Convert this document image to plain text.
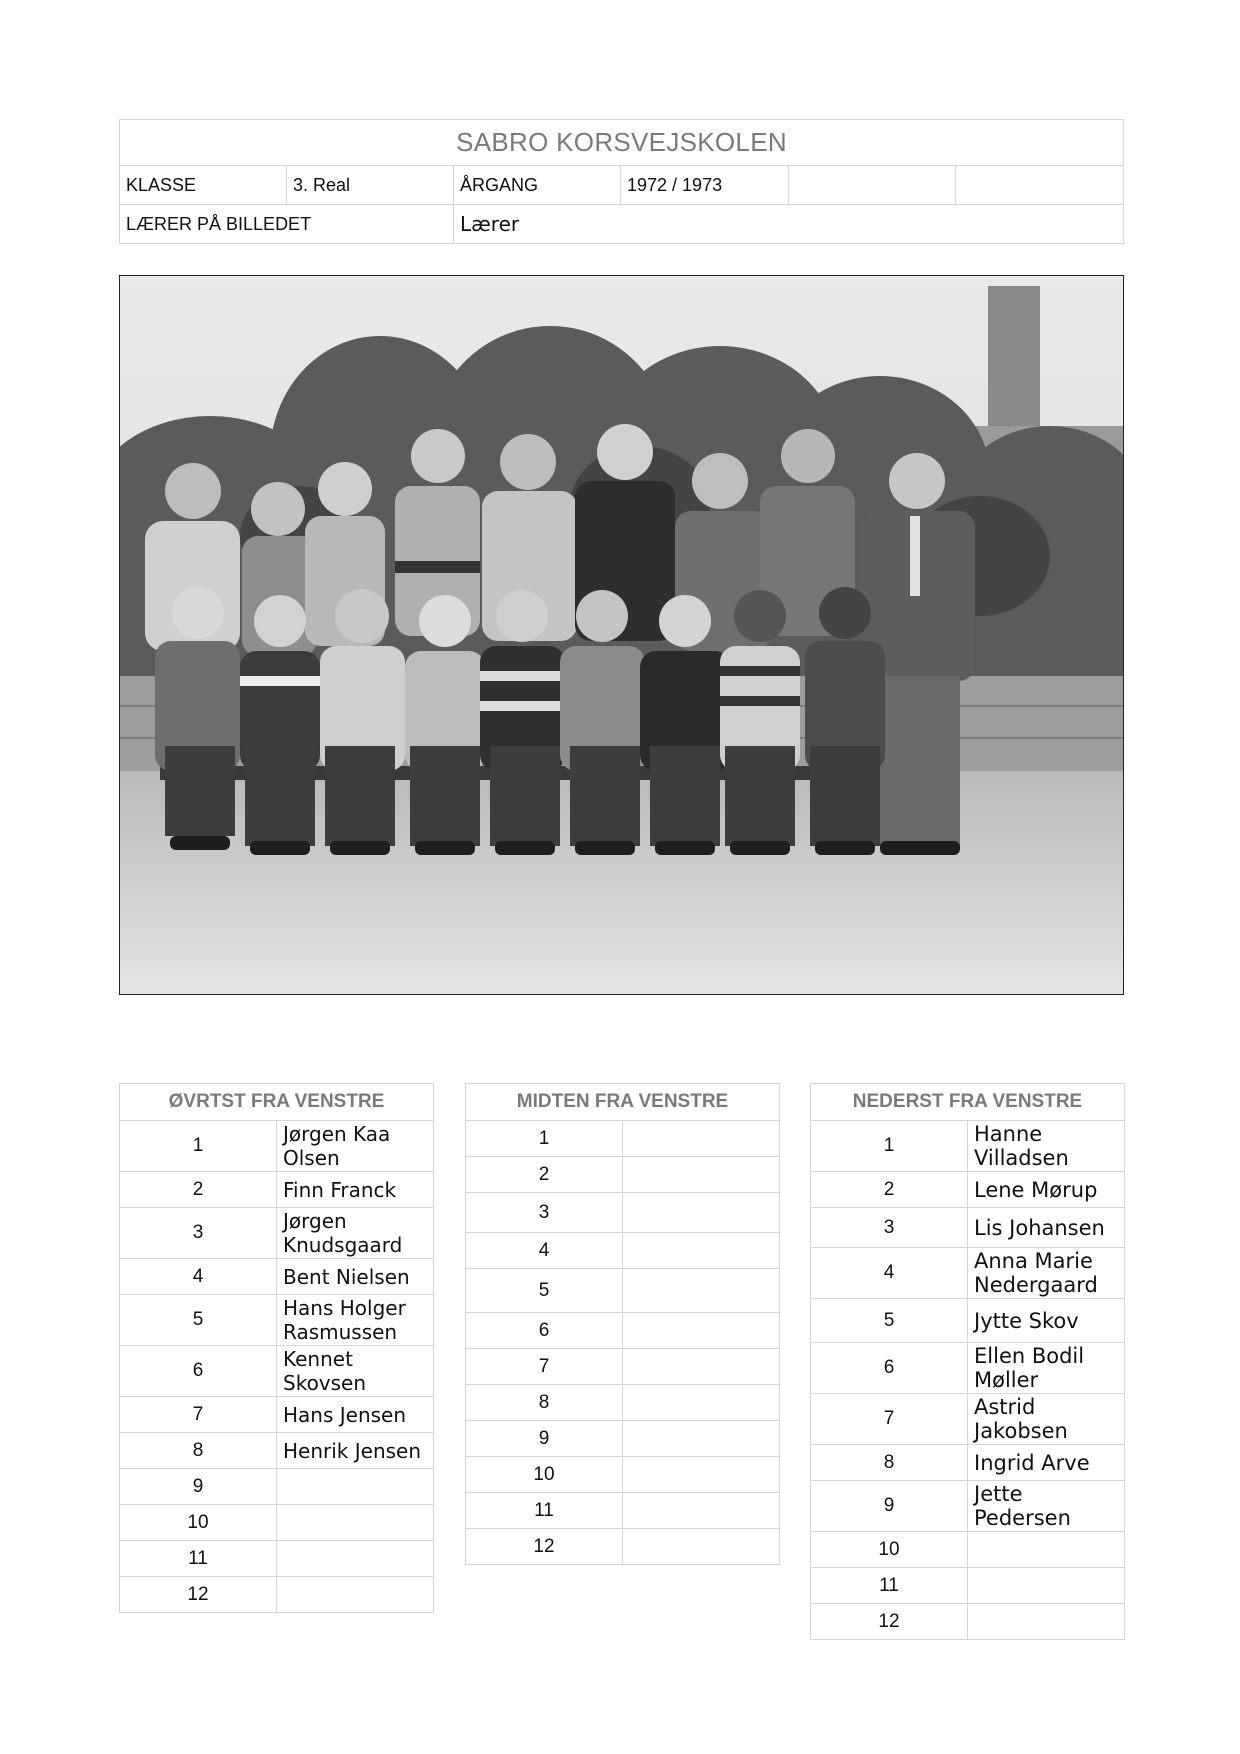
SABRO KORSVEJSKOLEN					
KLASSE	3. Real	ÅRGANG	1972 / 1973		
LÆRER PÅ BILLEDET		Lærer			
ØVRTST FRA VENSTRE	
1	Jørgen Kaa Olsen
2	Finn Franck
3	Jørgen Knudsgaard
4	Bent Nielsen
5	Hans Holger Rasmussen
6	Kennet Skovsen
7	Hans Jensen
8	Henrik Jensen
9	
10	
11	
12	
MIDTEN FRA VENSTRE	
1	
2	
3	
4	
5	
6	
7	
8	
9	
10	
11	
12	
NEDERST FRA VENSTRE	
1	Hanne Villadsen
2	Lene Mørup
3	Lis Johansen
4	Anna Marie Nedergaard
5	Jytte Skov
6	Ellen Bodil Møller
7	Astrid Jakobsen
8	Ingrid Arve
9	Jette Pedersen
10	
11	
12	
